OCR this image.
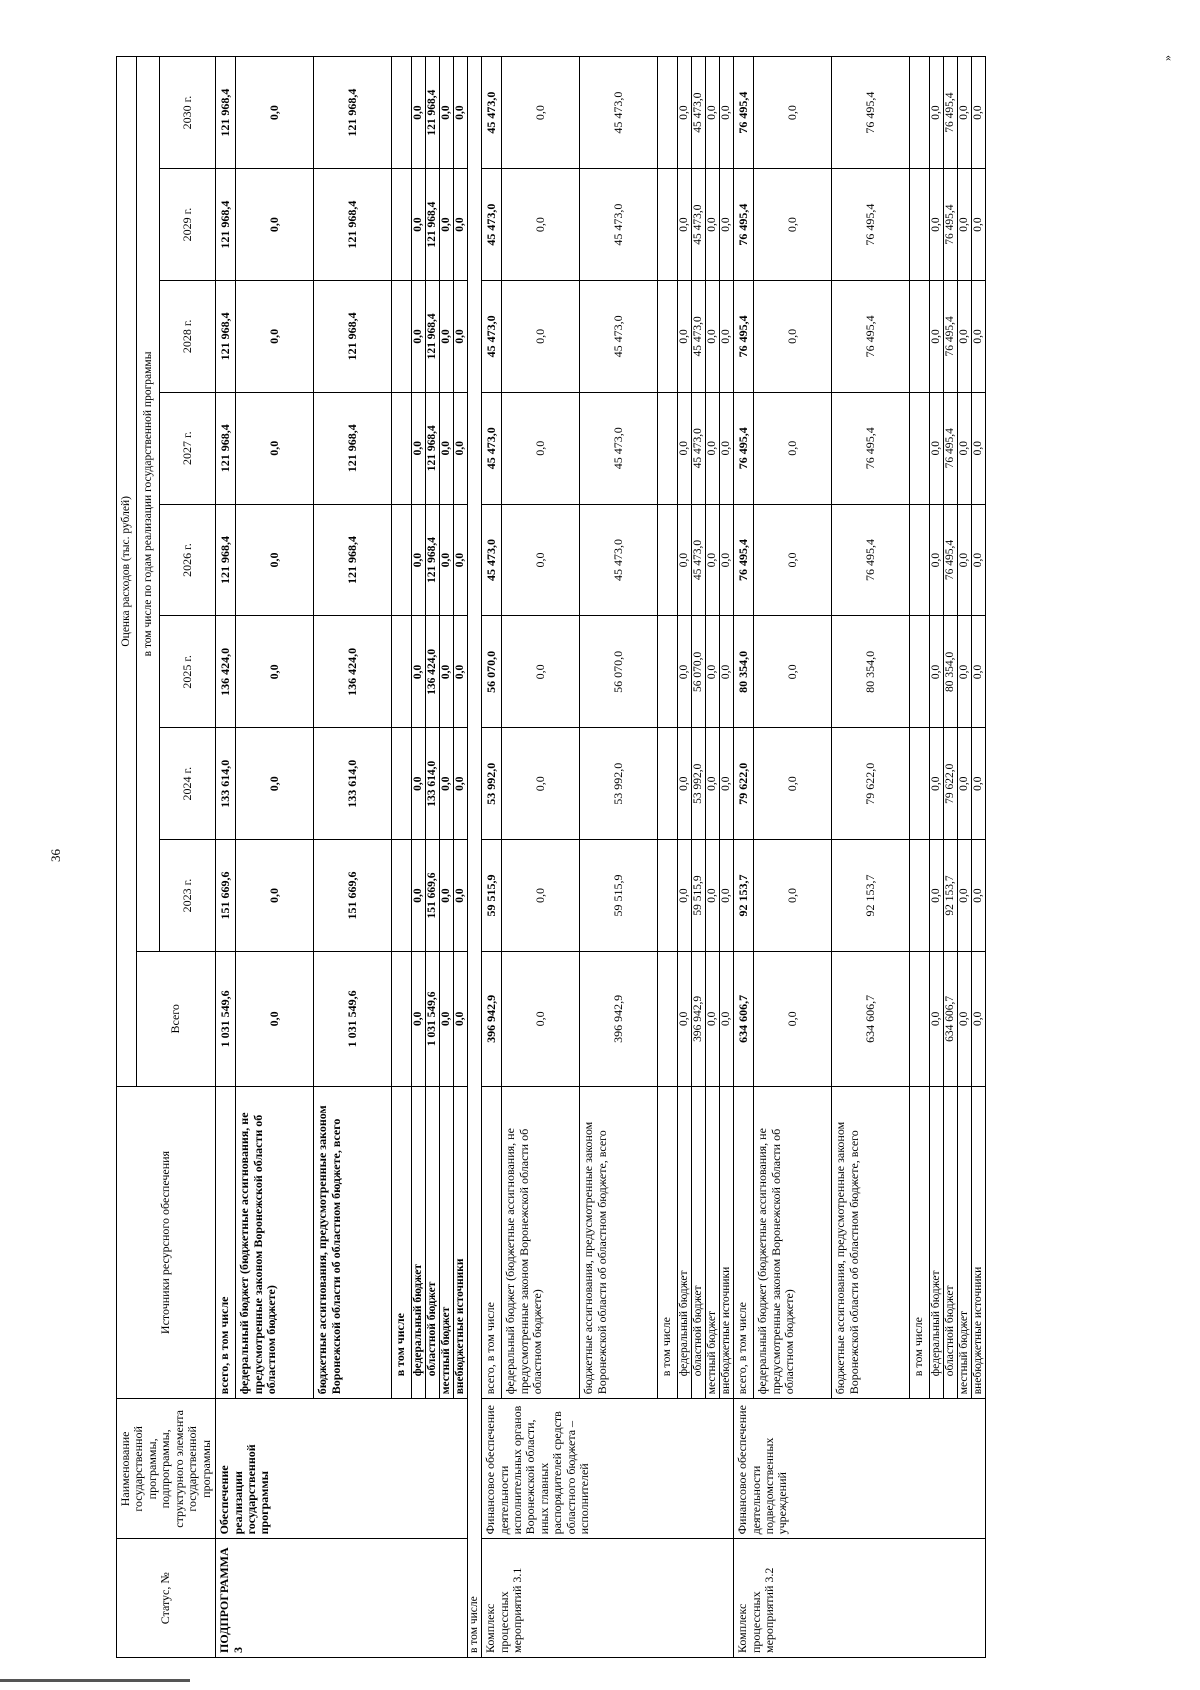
36
»
Статус, №	Наименование государственной программы, подпрограммы, структурного элемента государственной программы	Источники ресурсного обеспечения	Оценка расходов (тыс. рублей)								
			Всего	в том числе по годам реализации государственной программы							
				2023 г.	2024 г.	2025 г.	2026 г.	2027 г.	2028 г.	2029 г.	2030 г.
ПОДПРОГРАММА 3	Обеспечение реализации государственной программы	всего, в том числе	1 031 549,6	151 669,6	133 614,0	136 424,0	121 968,4	121 968,4	121 968,4	121 968,4	121 968,4
		федеральный бюджет (бюджетные ассигнования, не предусмотренные законом Воронежской области об областном бюджете)	0,0	0,0	0,0	0,0	0,0	0,0	0,0	0,0	0,0
		бюджетные ассигнования, предусмотренные законом Воронежской области об областном бюджете, всего	1 031 549,6	151 669,6	133 614,0	136 424,0	121 968,4	121 968,4	121 968,4	121 968,4	121 968,4
		в том числе									
		федеральный бюджет	0,0	0,0	0,0	0,0	0,0	0,0	0,0	0,0	0,0
		областной бюджет	1 031 549,6	151 669,6	133 614,0	136 424,0	121 968,4	121 968,4	121 968,4	121 968,4	121 968,4
		местный бюджет	0,0	0,0	0,0	0,0	0,0	0,0	0,0	0,0	0,0
		внебюджетные источники	0,0	0,0	0,0	0,0	0,0	0,0	0,0	0,0	0,0
в том числе											
Комплекс процессных мероприятий 3.1	Финансовое обеспечение деятельности исполнительных органов Воронежской области, иных главных распорядителей средств областного бюджета – исполнителей	всего, в том числе	396 942,9	59 515,9	53 992,0	56 070,0	45 473,0	45 473,0	45 473,0	45 473,0	45 473,0
		федеральный бюджет (бюджетные ассигнования, не предусмотренные законом Воронежской области об областном бюджете)	0,0	0,0	0,0	0,0	0,0	0,0	0,0	0,0	0,0
		бюджетные ассигнования, предусмотренные законом Воронежской области об областном бюджете, всего	396 942,9	59 515,9	53 992,0	56 070,0	45 473,0	45 473,0	45 473,0	45 473,0	45 473,0
		в том числе									
		федеральный бюджет	0,0	0,0	0,0	0,0	0,0	0,0	0,0	0,0	0,0
		областной бюджет	396 942,9	59 515,9	53 992,0	56 070,0	45 473,0	45 473,0	45 473,0	45 473,0	45 473,0
		местный бюджет	0,0	0,0	0,0	0,0	0,0	0,0	0,0	0,0	0,0
		внебюджетные источники	0,0	0,0	0,0	0,0	0,0	0,0	0,0	0,0	0,0
Комплекс процессных мероприятий 3.2	Финансовое обеспечение деятельности подведомственных учреждений	всего, в том числе	634 606,7	92 153,7	79 622,0	80 354,0	76 495,4	76 495,4	76 495,4	76 495,4	76 495,4
		федеральный бюджет (бюджетные ассигнования, не предусмотренные законом Воронежской области об областном бюджете)	0,0	0,0	0,0	0,0	0,0	0,0	0,0	0,0	0,0
		бюджетные ассигнования, предусмотренные законом Воронежской области об областном бюджете, всего	634 606,7	92 153,7	79 622,0	80 354,0	76 495,4	76 495,4	76 495,4	76 495,4	76 495,4
		в том числе									
		федеральный бюджет	0,0	0,0	0,0	0,0	0,0	0,0	0,0	0,0	0,0
		областной бюджет	634 606,7	92 153,7	79 622,0	80 354,0	76 495,4	76 495,4	76 495,4	76 495,4	76 495,4
		местный бюджет	0,0	0,0	0,0	0,0	0,0	0,0	0,0	0,0	0,0
		внебюджетные источники	0,0	0,0	0,0	0,0	0,0	0,0	0,0	0,0	0,0
